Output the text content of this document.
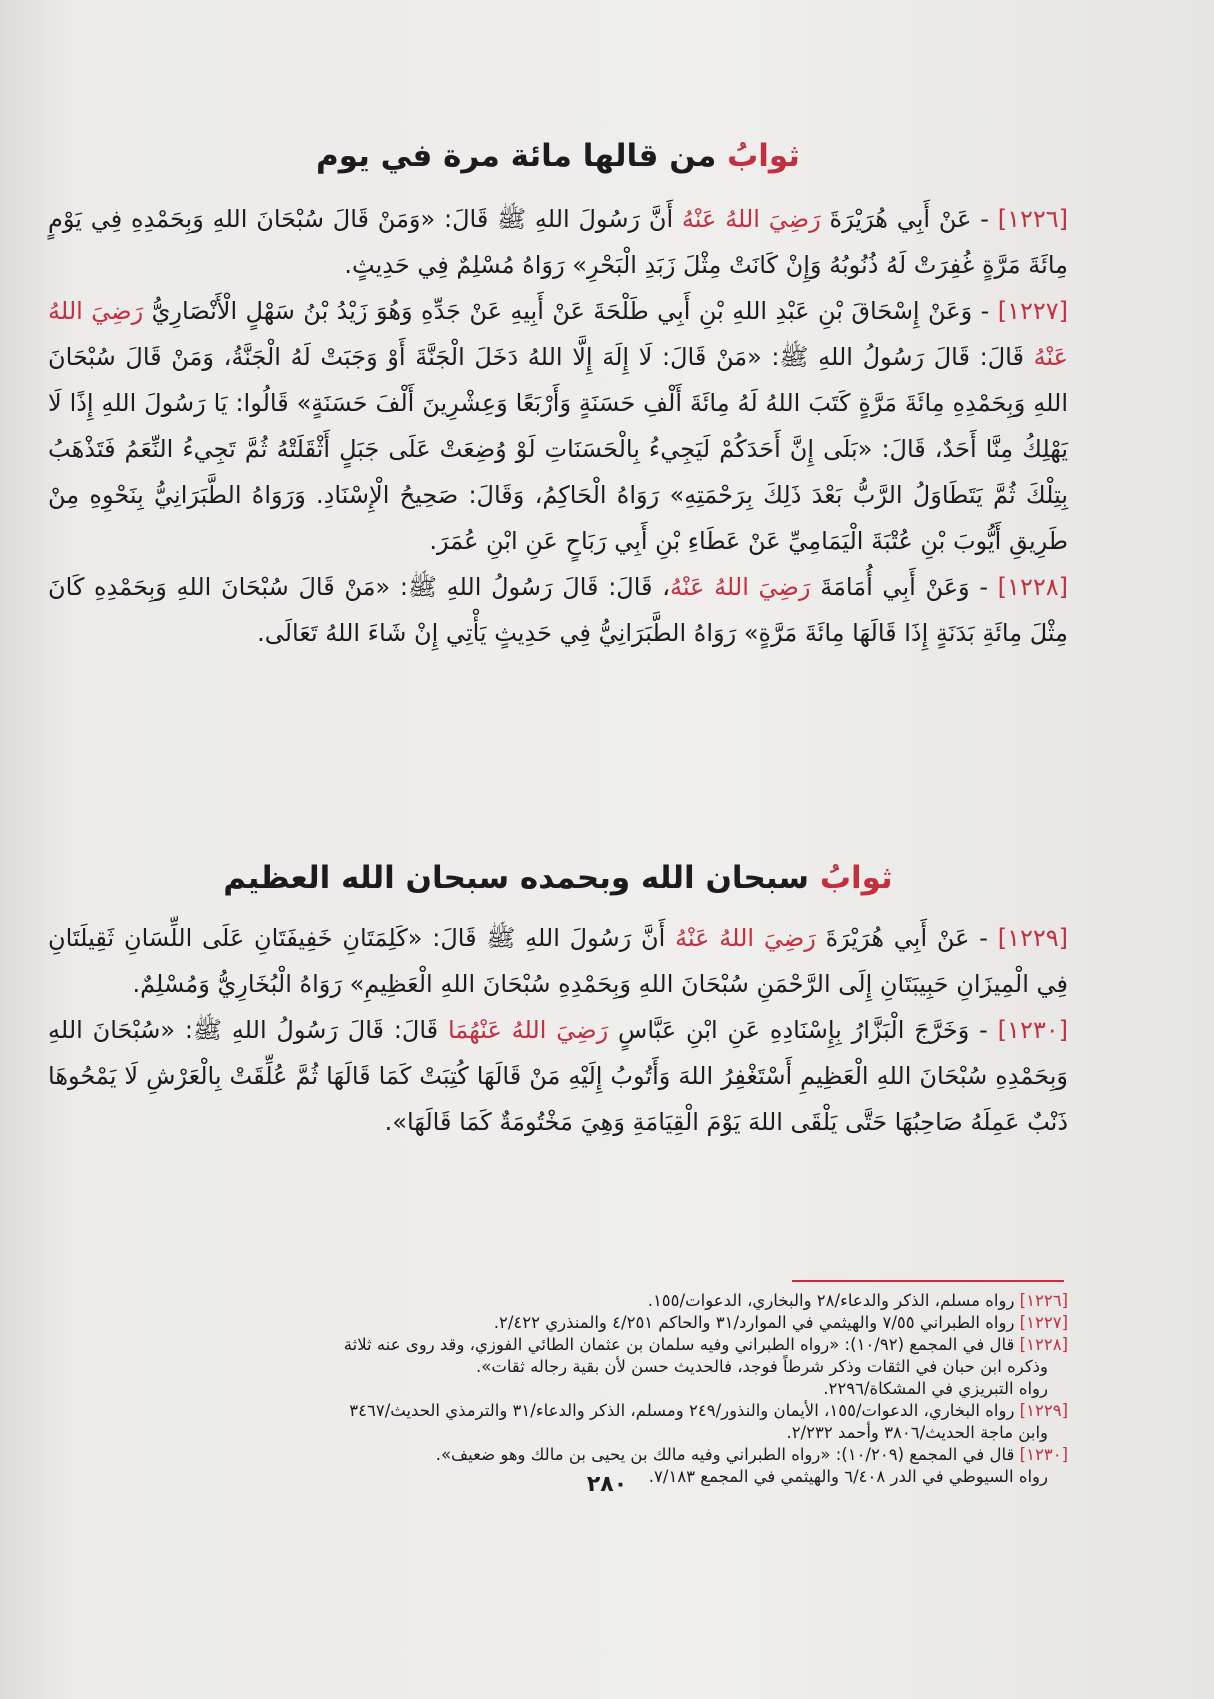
ثوابُ من قالها مائة مرة في يوم

[١٢٢٦] - عَنْ أَبِي هُرَيْرَةَ رَضِيَ اللهُ عَنْهُ أَنَّ رَسُولَ اللهِ ﷺ قَالَ: «وَمَنْ قَالَ سُبْحَانَ اللهِ وَبِحَمْدِهِ فِي يَوْمٍ مِائَةَ مَرَّةٍ غُفِرَتْ لَهُ ذُنُوبُهُ وَإِنْ كَانَتْ مِثْلَ زَبَدِ الْبَحْرِ» رَوَاهُ مُسْلِمٌ فِي حَدِيثٍ.

[١٢٢٧] - وَعَنْ إِسْحَاقَ بْنِ عَبْدِ اللهِ بْنِ أَبِي طَلْحَةَ عَنْ أَبِيهِ عَنْ جَدِّهِ وَهُوَ زَيْدُ بْنُ سَهْلٍ الْأَنْصَارِيُّ رَضِيَ اللهُ عَنْهُ قَالَ: قَالَ رَسُولُ اللهِ ﷺ: «مَنْ قَالَ: لَا إِلَهَ إِلَّا اللهُ دَخَلَ الْجَنَّةَ أَوْ وَجَبَتْ لَهُ الْجَنَّةُ، وَمَنْ قَالَ سُبْحَانَ اللهِ وَبِحَمْدِهِ مِائَةَ مَرَّةٍ كَتَبَ اللهُ لَهُ مِائَةَ أَلْفِ حَسَنَةٍ وَأَرْبَعًا وَعِشْرِينَ أَلْفَ حَسَنَةٍ» قَالُوا: يَا رَسُولَ اللهِ إِذًا لَا يَهْلِكُ مِنَّا أَحَدٌ، قَالَ: «بَلَى إِنَّ أَحَدَكُمْ لَيَجِيءُ بِالْحَسَنَاتِ لَوْ وُضِعَتْ عَلَى جَبَلٍ أَثْقَلَتْهُ ثُمَّ تَجِيءُ النِّعَمُ فَتَذْهَبُ بِتِلْكَ ثُمَّ يَتَطَاوَلُ الرَّبُّ بَعْدَ ذَلِكَ بِرَحْمَتِهِ» رَوَاهُ الْحَاكِمُ، وَقَالَ: صَحِيحُ الْإِسْنَادِ. وَرَوَاهُ الطَّبَرَانِيُّ بِنَحْوِهِ مِنْ طَرِيقِ أَيُّوبَ بْنِ عُتْبَةَ الْيَمَامِيِّ عَنْ عَطَاءِ بْنِ أَبِي رَبَاحٍ عَنِ ابْنِ عُمَرَ.

[١٢٢٨] - وَعَنْ أَبِي أُمَامَةَ رَضِيَ اللهُ عَنْهُ، قَالَ: قَالَ رَسُولُ اللهِ ﷺ: «مَنْ قَالَ سُبْحَانَ اللهِ وَبِحَمْدِهِ كَانَ مِثْلَ مِائَةِ بَدَنَةٍ إِذَا قَالَهَا مِائَةَ مَرَّةٍ» رَوَاهُ الطَّبَرَانِيُّ فِي حَدِيثٍ يَأْتِي إِنْ شَاءَ اللهُ تَعَالَى.

ثوابُ سبحان الله وبحمده سبحان الله العظيم

[١٢٢٩] - عَنْ أَبِي هُرَيْرَةَ رَضِيَ اللهُ عَنْهُ أَنَّ رَسُولَ اللهِ ﷺ قَالَ: «كَلِمَتَانِ خَفِيفَتَانِ عَلَى اللِّسَانِ ثَقِيلَتَانِ فِي الْمِيزَانِ حَبِيبَتَانِ إِلَى الرَّحْمَنِ سُبْحَانَ اللهِ وَبِحَمْدِهِ سُبْحَانَ اللهِ الْعَظِيمِ» رَوَاهُ الْبُخَارِيُّ وَمُسْلِمٌ.

[١٢٣٠] - وَخَرَّجَ الْبَزَّارُ بِإِسْنَادِهِ عَنِ ابْنِ عَبَّاسٍ رَضِيَ اللهُ عَنْهُمَا قَالَ: قَالَ رَسُولُ اللهِ ﷺ: «سُبْحَانَ اللهِ وَبِحَمْدِهِ سُبْحَانَ اللهِ الْعَظِيمِ أَسْتَغْفِرُ اللهَ وَأَتُوبُ إِلَيْهِ مَنْ قَالَهَا كُتِبَتْ كَمَا قَالَهَا ثُمَّ عُلِّقَتْ بِالْعَرْشِ لَا يَمْحُوهَا ذَنْبٌ عَمِلَهُ صَاحِبُهَا حَتَّى يَلْقَى اللهَ يَوْمَ الْقِيَامَةِ وَهِيَ مَخْتُومَةٌ كَمَا قَالَهَا».

[١٢٢٦] رواه مسلم، الذكر والدعاء/٢٨ والبخاري، الدعوات/١٥٥.

[١٢٢٧] رواه الطبراني ٧/٥٥ والهيثمي في الموارد/٣١ والحاكم ٤/٢٥١ والمنذري ٢/٤٢٢.

[١٢٢٨] قال في المجمع (١٠/٩٢): «رواه الطبراني وفيه سلمان بن عثمان الطائي الفوزي، وقد روى عنه ثلاثة
وذكره ابن حبان في الثقات وذكر شرطاً فوجد، فالحديث حسن لأن بقية رجاله ثقات».
رواه التبريزي في المشكاة/٢٢٩٦.

[١٢٢٩] رواه البخاري، الدعوات/١٥٥، الأيمان والنذور/٢٤٩ ومسلم، الذكر والدعاء/٣١ والترمذي الحديث/٣٤٦٧
وابن ماجة الحديث/٣٨٠٦ وأحمد ٢/٢٣٢.

[١٢٣٠] قال في المجمع (١٠/٢٠٩): «رواه الطبراني وفيه مالك بن يحيى بن مالك وهو ضعيف».
رواه السيوطي في الدر ٦/٤٠٨ والهيثمي في المجمع ٧/١٨٣.

٢٨٠
